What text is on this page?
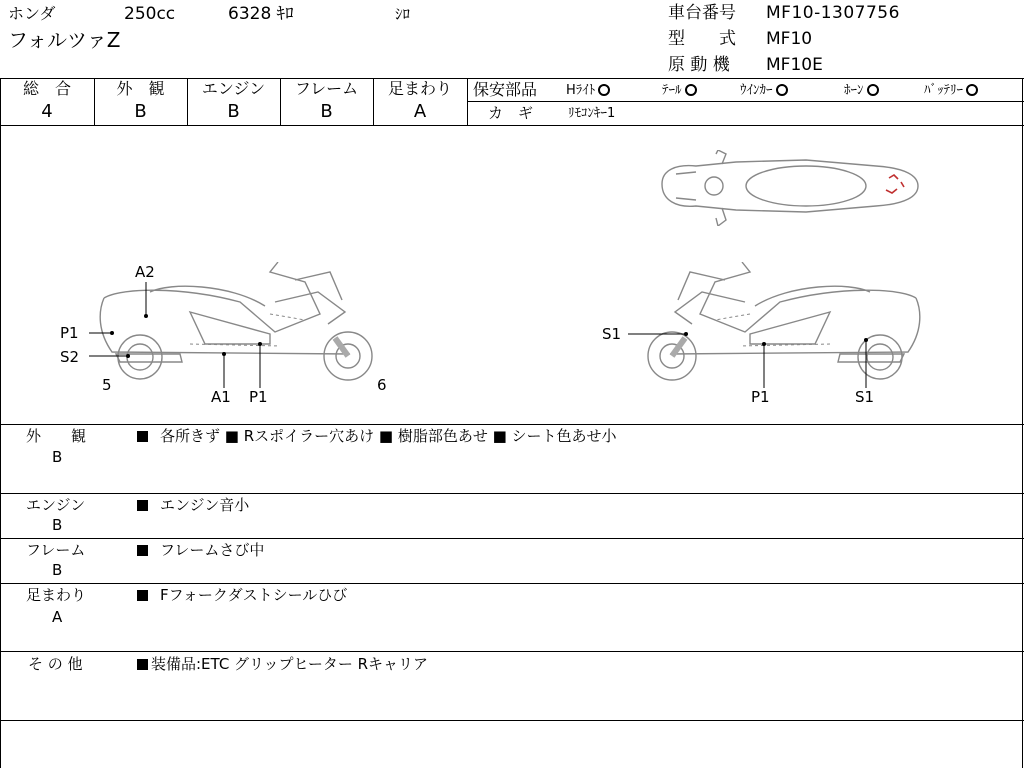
ホンダ	250cc	6328 ｷﾛ	ｼﾛ
フォルツァZ
車台番号 MF10-1307756
型　　式 MF10
原 動 機 MF10E
総　合
4
外　観
B
エンジン
B
フレーム
B
足まわり
A
保安部品 Hﾗｲﾄ	ﾃｰﾙ	ｳｲﾝｶｰ	ﾎｰﾝ	ﾊﾞｯﾃﾘｰ
カ　ギ	ﾘﾓｺﾝｷｰ1
A2
P1
S2
5
A1 P1
6
S1
P1	S1
外　　観
B
各所きず ■ Rスポイラー穴あけ ■ 樹脂部色あせ ■ シート色あせ小
エンジン
B
エンジン音小
フレーム
B
フレームさび中
足まわり
A
Fフォークダストシールひび
そ の 他	装備品:ETC グリップヒーター Rキャリア
